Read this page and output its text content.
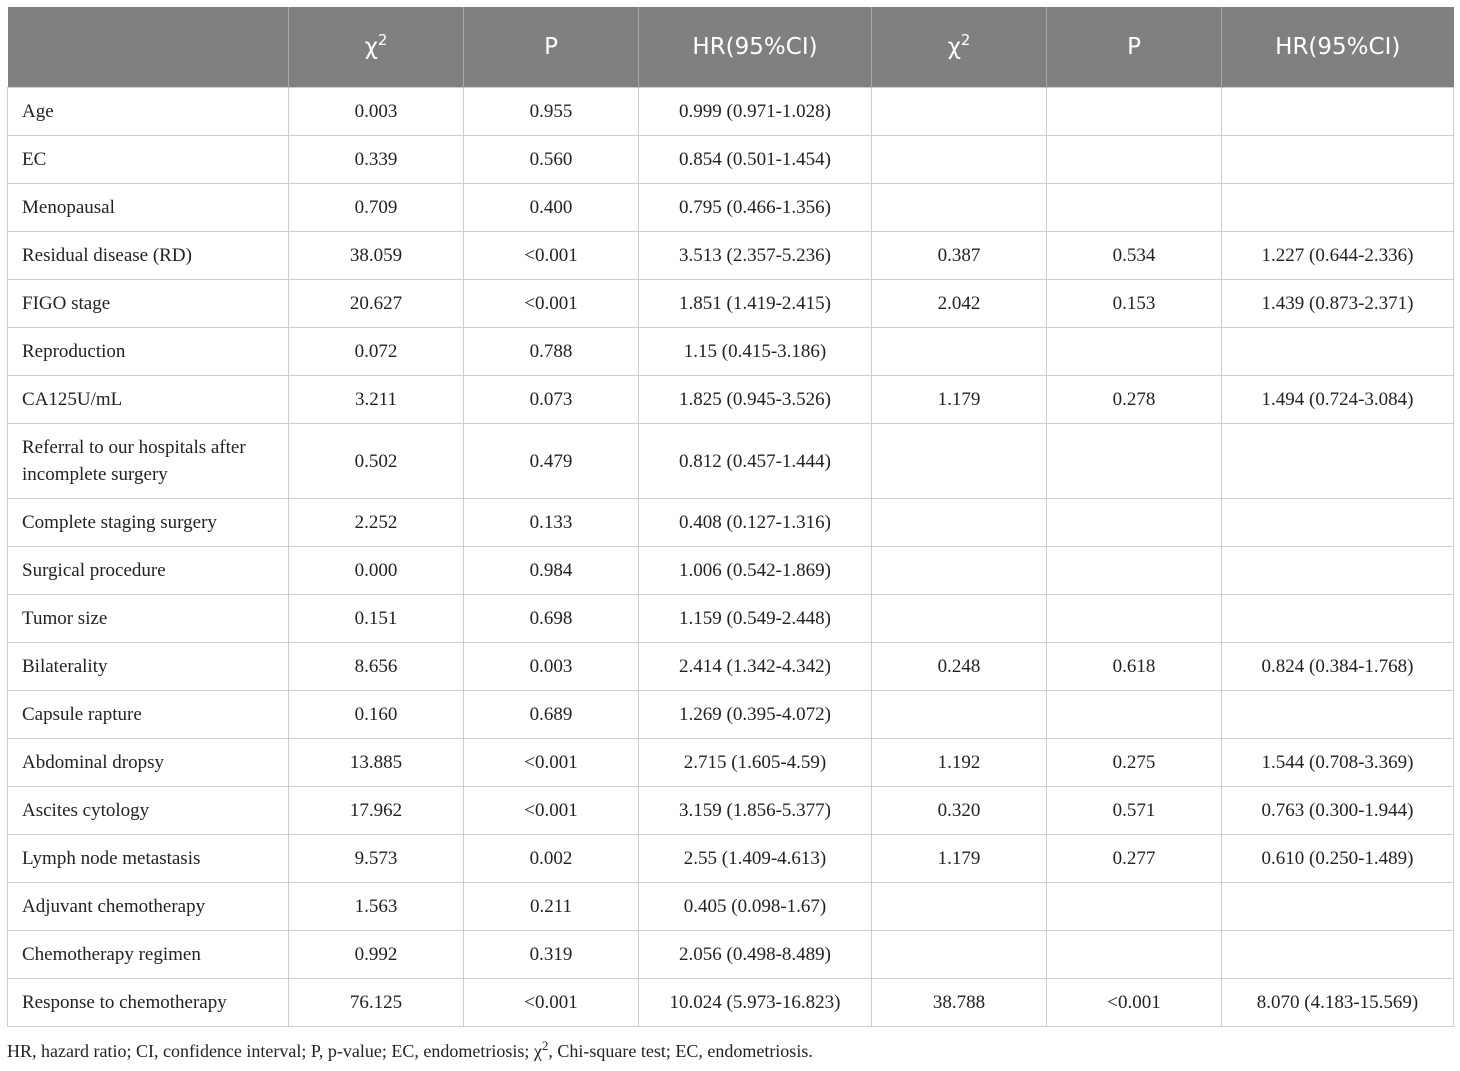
	$\chi^2$	P	HR(95%CI)	$\chi^2$	P	HR(95%CI)
Age	0.003	0.955	0.999 (0.971-1.028)			
EC	0.339	0.560	0.854 (0.501-1.454)			
Menopausal	0.709	0.400	0.795 (0.466-1.356)			
Residual disease (RD)	38.059	<0.001	3.513 (2.357-5.236)	0.387	0.534	1.227 (0.644-2.336)
FIGO stage	20.627	<0.001	1.851 (1.419-2.415)	2.042	0.153	1.439 (0.873-2.371)
Reproduction	0.072	0.788	1.15 (0.415-3.186)			
CA125U/mL	3.211	0.073	1.825 (0.945-3.526)	1.179	0.278	1.494 (0.724-3.084)
Referral to our hospitals after incomplete surgery	0.502	0.479	0.812 (0.457-1.444)			
Complete staging surgery	2.252	0.133	0.408 (0.127-1.316)			
Surgical procedure	0.000	0.984	1.006 (0.542-1.869)			
Tumor size	0.151	0.698	1.159 (0.549-2.448)			
Bilaterality	8.656	0.003	2.414 (1.342-4.342)	0.248	0.618	0.824 (0.384-1.768)
Capsule rapture	0.160	0.689	1.269 (0.395-4.072)			
Abdominal dropsy	13.885	<0.001	2.715 (1.605-4.59)	1.192	0.275	1.544 (0.708-3.369)
Ascites cytology	17.962	<0.001	3.159 (1.856-5.377)	0.320	0.571	0.763 (0.300-1.944)
Lymph node metastasis	9.573	0.002	2.55 (1.409-4.613)	1.179	0.277	0.610 (0.250-1.489)
Adjuvant chemotherapy	1.563	0.211	0.405 (0.098-1.67)			
Chemotherapy regimen	0.992	0.319	2.056 (0.498-8.489)			
Response to chemotherapy	76.125	<0.001	10.024 (5.973-16.823)	38.788	<0.001	8.070 (4.183-15.569)
HR, hazard ratio; CI, confidence interval; P, p-value; EC, endometriosis; $\chi^2$, Chi-square test; EC, endometriosis.
